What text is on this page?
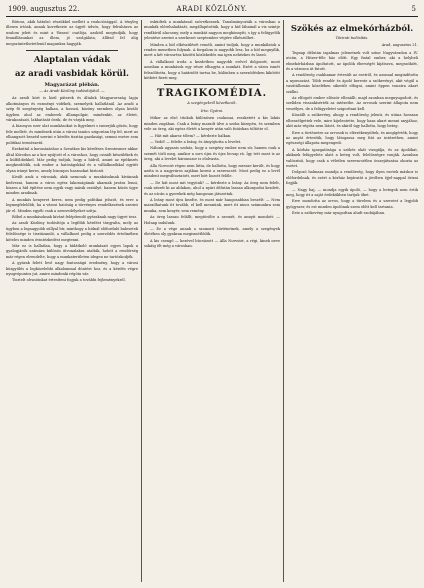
1909. augusztus 22.	ARADI KÖZLÖNY.	5

Bütosz, akik hátulsó részükkel mellett a reakciósággal. A tényleg illesen irtóak, annak kovetkezte az ügyét üdvös, hogy felruházva az uralom jeleit és mint a 'Brassi' csatlója, azoktól megtudják, hogy fennállásunkat az illem, jó szolgálata, állítsd fel alig megszüntethetetlenül magunkra hagyják.

Alaptalan vádak
az aradi vasbidak körül.
Magyarázat plébán.
— Az Aradi Közlöny tudósítójától. —

Az aradi kört is kiril páterek és általuk Magyarország lapja alkotmányos és eszményi vidékek, szemelyek hallatlánál. Az aradi a szép fő szegénység halkan, a hosszú, közöny szemben olyan kiváló ügyben ahol az emberek állampolgár, mindenkit, az életet, várakozásait, lakhatását őrzik, de és várják meg.

A bizonyos ezer olat munkásokat is figyelmet s ismerjük gőzös, hogy fele mellett, és mindezek után a városi tanács szigorúan lép fel, mert az elhangzott beszéd szerint e kérdés tisztán gazdasági, semmi esetre sem politikai természetű.

Ezekuttal a koronázáshoz a Szvatkos kis kérdéses Szentesmer akkor által Kórodon az a kor nyújtott el a városhoz, hogy csinált készülékek és a külföldiekkel. Már pedig tudjuk, hogy a hídról, amint az építkezés megkezdődik, sok ember a hatóságokkal és a vállalkozókkal együtt olyan irányt keres, amely bizonyos hasznokat biztosít.

Kivált azok a városiak, akik nemcsak a munkásoknak kívánnak kedvezni, hanem a város egész lakosságának akarnak javára lenni, hiszen a híd építése nem egyik vagy másik osztályé, hanem közös ügye minden aradinak.

A munkás kenyeret keres, nem pedig politikai jelszót, és erre a legmegfelelőbb, ha a városi hatóság a törvényes rendelkezések szerint jár el. Minden egyéb csak a szenvedélyeket szítja.

Bőbel a munkásoknak kívánt felépítendő gyáraknak nagy ügyet tesz.

Az aradi Közlöny tudósítója a legfőbb kérdést tárgyalta, mely az ügyben a legnagyobb súllyal bír, minthogy a hídnál előforduló balesetek felelőssége is tisztázandó, a vállalkozó pedig a szerződés értelmében köteles minden óvintézkedést megtenni.

Már ez is hallatlan, hogy a hídátkelő munkásait egyes lapok a gyalogjárók számára különös útvonalakra utalták, holott a rendőrség már régen elrendelte, hogy a munkaterületen idegen ne tartózkodjék.

A gyárak felett levő nagy fontosságú eredmény, hogy a városi közgyűlés a legközelebbi alkalommal döntést hoz, és a kérdés végre nyugvópontra jut, amire mindenki régóta vár.

Tisztelt olvasóinkat értesíteni fogjuk a további fejleményekről.

esküdtek a munkással szövetkeznek. Tanulmányozták a városban a munkák előrehaladását, megállapították, hogy a híd lábainál a viz szintje rendkívül alacsony, mely a munkát nagyon megkönnyíti, s így a felügyelők jelentése szerint a szerkezet szeptember végére elkészülhet.

Minden a híd elkészülését reméli, amint tudjuk, hogy a munkálatok a rendes menetben folynak. A forgalom is nagyobb lesz, ha a híd megnyílik, mert a két városrész közötti közlekedés ma igen nehézkes és lassú.

A vállalkozó iroda a kezdetben nagyobb erővel dolgozott, most azonban a munkások egy része elhagyta a munkát. Ezért a város ismét felszólította, hogy a határidőt tartsa be, különben a szerződésben kikötött kötbért fizeti meg.

TRAGIKOMÉDIA.
A szegényekről következik.
Irta: Gyárai.

Mikor az első titokuk különösen csokonai, reszketett a kis lakás minden zugában. Csak a leány maradt ülve a szoba közepén, és szemben vele az öreg, aki egész életét a kenyér után való futásban töltötte el.

— Hát mit akarsz tőlem? — kérdezte halkan.

— Vedd! — felelte a leány, és átnyújtotta a levelet.

Nálunk ugyanis szokás, hogy a szegény ember nem sír, hanem csak a szemét törli meg, amikor a sors újra és újra lecsap rá. Így tett most is az öreg, aki a levelet háromszor is elolvasta.

Alla Norvoirt régen nem látta, de hallotta, hogy messze került, és hogy azóta is a nagyváros zajában keresi a szerencsét. Most pedig ez a levél mindent megváltoztatott, mert hírt hozott felőle.

— De hát most mit tegyünk? — kérdezte a leány. Az öreg nem felelt, csak nézett ki az ablakon, ahol a nyári délután lassan alkonyodni kezdett, és az utcán a gyerekek még hangosan játszottak.

A leány most újra kezdte, és most már hangosabban beszélt: — Nem maradhatunk itt tovább, el kell mennünk, mert itt nincs számunkra sem munka, sem kenyér, sem remény.

Az öreg lassan felállt, megtörölte a szemét, és annyit mondott: — Holnap indulunk.

— Ez a vége annak a szomorú történetnek, amely a szegények életében oly gyakran megismétlődik.

A kis csengő — kezével búcsúzott — Alla Norvoirt, a régi, kinek neve sokáig élt még a városban.

Szökés az elmekórházból.
Távirati tudósítás.
Arad, augusztus 21.

Tegnap délután izgalmas jelenetnek volt színe Nagyváradon a IV. utcán, a Hitzer-féle ház előtt. Egy fiatal ember, aki a helybeli elmekórházban ápoltatott, az ápolók éberségét kijátszva, megszökött, és a városon át futott.

A rendőrség csakhamar értesült az esetről, és azonnal megindította a nyomozást. Több rendőr és ápoló kereste a szökevényt, akit végül a vasútállomás közelében sikerült elfogni, amint éppen vonatra akart szállni.

Az elfogott ember először ellenállt, majd azonban megnyugodott, és szelíden visszakísérték az intézetbe. Az orvosok szerint állapota nem veszélyes, de a felügyeletet szigorítani kell.

Kiszállt a szökevény, ahogy a rendőrség jelenti, és utána hosszan elbeszélgettek vele, mire kijelentette, hogy haza akart menni anyjához, akit már régóta nem látott, és akiről úgy hallotta, hogy beteg.

Erre a történetre az orvosok is elérzékenyültek, és megígérték, hogy az anyát értesítik, hogy látogassa meg fiát az intézetben, amint egészségi állapota megengedi.

A kórház igazgatósága a szökés okát vizsgálja, és az ápolókat, akiknek felügyelete alatt a beteg volt, felelősségre vonják. Azonban valószínű, hogy csak a véletlen szerencsétlen összejátszása okozta az esetet.

Dolgozó halmaza mondja a rendőrség, hogy ilyen esetek máskor is előfordulnak, és ezért a kórház bejáratát a jövőben éjjel-nappal őrizni fogják.

— Nagy baj, — mondja egyik ápoló, — hogy a betegek nem értik meg, hogy itt a saját érdekükben tartjuk őket.

Erre mondotta az orvos, hogy a türelem és a szeretet a legjobb gyógyszer, és ezt minden ápolónak szem előtt kell tartania.

Este a szökevény már nyugodtan aludt szobájában.
